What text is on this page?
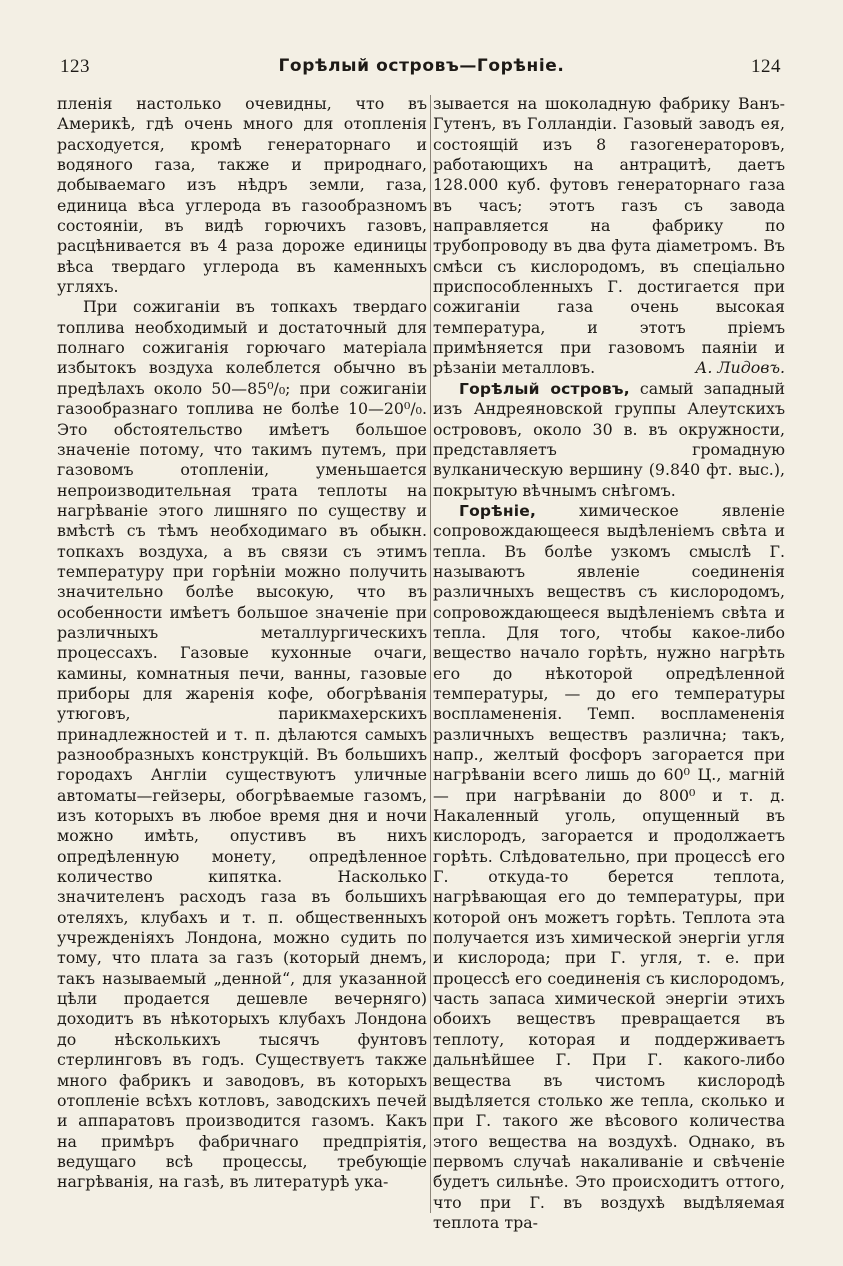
123	Горѣлый островъ—Горѣніе.	124

пленія настолько очевидны, что въ Америкѣ, гдѣ очень много для отопленія расходуется, кромѣ генераторнаго и водяного газа, также и природнаго, добываемаго изъ нѣдръ земли, газа, единица вѣса углерода въ газообразномъ состояніи, въ видѣ горючихъ газовъ, расцѣнивается въ 4 раза дороже единицы вѣса твердаго углерода въ каменныхъ угляхъ.

При сожиганіи въ топкахъ твердаго топлива необходимый и достаточный для полнаго сожиганія горючаго матеріала избытокъ воздуха колеблется обычно въ предѣлахъ около 50—85⁰/₀; при сожиганіи газообразнаго топлива не болѣе 10—20⁰/₀. Это обстоятельство имѣетъ большое значеніе потому, что такимъ путемъ, при газовомъ отопленіи, уменьшается непроизводительная трата теплоты на нагрѣваніе этого лишняго по существу и вмѣстѣ съ тѣмъ необходимаго въ обыкн. топкахъ воздуха, а въ связи съ этимъ температуру при горѣніи можно получить значительно болѣе высокую, что въ особенности имѣетъ большое значеніе при различныхъ металлургическихъ процессахъ. Газовые кухонные очаги, камины, комнатныя печи, ванны, газовые приборы для жаренія кофе, обогрѣванія утюговъ, парикмахерскихъ принадлежностей и т. п. дѣлаются самыхъ разнообразныхъ конструкцій. Въ большихъ городахъ Англіи существуютъ уличные автоматы—гейзеры, обогрѣваемые газомъ, изъ которыхъ въ любое время дня и ночи можно имѣть, опустивъ въ нихъ опредѣленную монету, опредѣленное количество кипятка. Насколько значителенъ расходъ газа въ большихъ отеляхъ, клубахъ и т. п. общественныхъ учрежденіяхъ Лондона, можно судить по тому, что плата за газъ (который днемъ, такъ называемый „денной“, для указанной цѣли продается дешевле вечерняго) доходитъ въ нѣкоторыхъ клубахъ Лондона до нѣсколькихъ тысячъ фунтовъ стерлинговъ въ годъ. Существуетъ также много фабрикъ и заводовъ, въ которыхъ отопленіе всѣхъ котловъ, заводскихъ печей и аппаратовъ производится газомъ. Какъ на примѣръ фабричнаго предпріятія, ведущаго всѣ процессы, требующіе нагрѣванія, на газѣ, въ литературѣ ука-

зывается на шоколадную фабрику Ванъ-Гутенъ, въ Голландіи. Газовый заводъ ея, состоящій изъ 8 газогенераторовъ, работающихъ на антрацитѣ, даетъ 128.000 куб. футовъ генераторнаго газа въ часъ; этотъ газъ съ завода направляется на фабрику по трубопроводу въ два фута діаметромъ. Въ смѣси съ кислородомъ, въ спеціально приспособленныхъ Г. достигается при сожиганіи газа очень высокая температура, и этотъ пріемъ примѣняется при газовомъ паяніи и рѣзаніи металловъ.	А. Лидовъ.

Горѣлый островъ, самый западный изъ Андреяновской группы Алеутскихъ острововъ, около 30 в. въ окружности, представляетъ громадную вулканическую вершину (9.840 фт. выс.), покрытую вѣчнымъ снѣгомъ.

Горѣніе,	химическое явленіе сопровождающееся выдѣленіемъ свѣта и тепла. Въ болѣе узкомъ смыслѣ Г. называютъ явленіе соединенія различныхъ веществъ съ кислородомъ, сопровождающееся выдѣленіемъ свѣта и тепла. Для того, чтобы какое-либо вещество начало горѣть, нужно нагрѣть его до нѣкоторой опредѣленной температуры, — до его температуры воспламененія. Темп. воспламененія различныхъ веществъ различна; такъ, напр., желтый фосфоръ загорается при нагрѣваніи всего лишь до 60⁰ Ц., магній — при нагрѣваніи до 800⁰ и т. д. Накаленный уголь, опущенный въ кислородъ, загорается и продолжаетъ горѣть. Слѣдовательно, при процессѣ его Г. откуда-то берется теплота, нагрѣвающая его до температуры, при которой онъ можетъ горѣть. Теплота эта получается изъ химической энергіи угля и кислорода; при Г. угля, т. е. при процессѣ его соединенія съ кислородомъ, часть запаса химической энергіи этихъ обоихъ веществъ превращается въ теплоту, которая и поддерживаетъ дальнѣйшее Г. При Г. какого-либо вещества въ чистомъ кислородѣ выдѣляется столько же тепла, сколько и при Г. такого же вѣсового количества этого вещества на воздухѣ. Однако, въ первомъ случаѣ накаливаніе и свѣченіе будетъ сильнѣе. Это происходитъ оттого, что при Г. въ воздухѣ выдѣляемая теплота тра-
